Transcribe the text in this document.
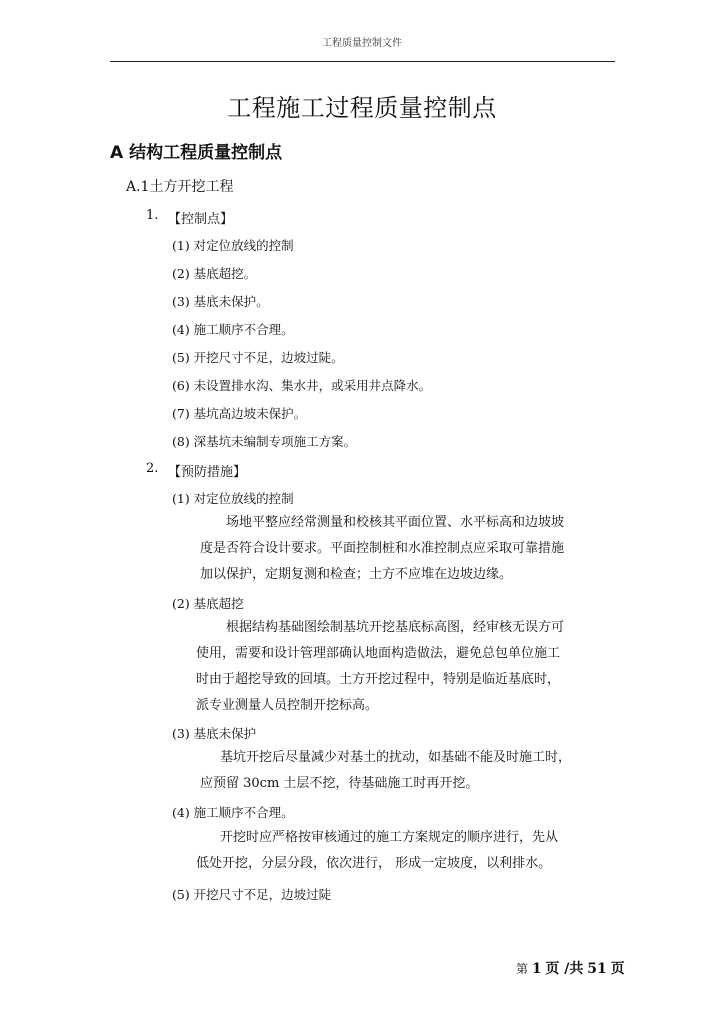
工程质量控制文件
工程施工过程质量控制点
A 结构工程质量控制点
A.1土方开挖工程
1. 【控制点】
(1) 对定位放线的控制
(2) 基底超挖。
(3) 基底未保护。
(4) 施工顺序不合理。
(5) 开挖尺寸不足，边坡过陡。
(6) 未设置排水沟、集水井，或采用井点降水。
(7) 基坑高边坡未保护。
(8) 深基坑未编制专项施工方案。
2. 【预防措施】
(1) 对定位放线的控制
场地平整应经常测量和校核其平面位置、水平标高和边坡坡
度是否符合设计要求。平面控制桩和水准控制点应采取可靠措施
加以保护，定期复测和检查；土方不应堆在边坡边缘。
(2) 基底超挖
根据结构基础图绘制基坑开挖基底标高图，经审核无误方可
使用，需要和设计管理部确认地面构造做法，避免总包单位施工
时由于超挖导致的回填。土方开挖过程中，特别是临近基底时，
派专业测量人员控制开挖标高。
(3) 基底未保护
基坑开挖后尽量减少对基土的扰动，如基础不能及时施工时，
应预留 30cm 土层不挖，待基础施工时再开挖。
(4) 施工顺序不合理。
开挖时应严格按审核通过的施工方案规定的顺序进行，先从
低处开挖，分层分段，依次进行， 形成一定坡度，以利排水。
(5) 开挖尺寸不足，边坡过陡
第 1 页 /共 51 页
